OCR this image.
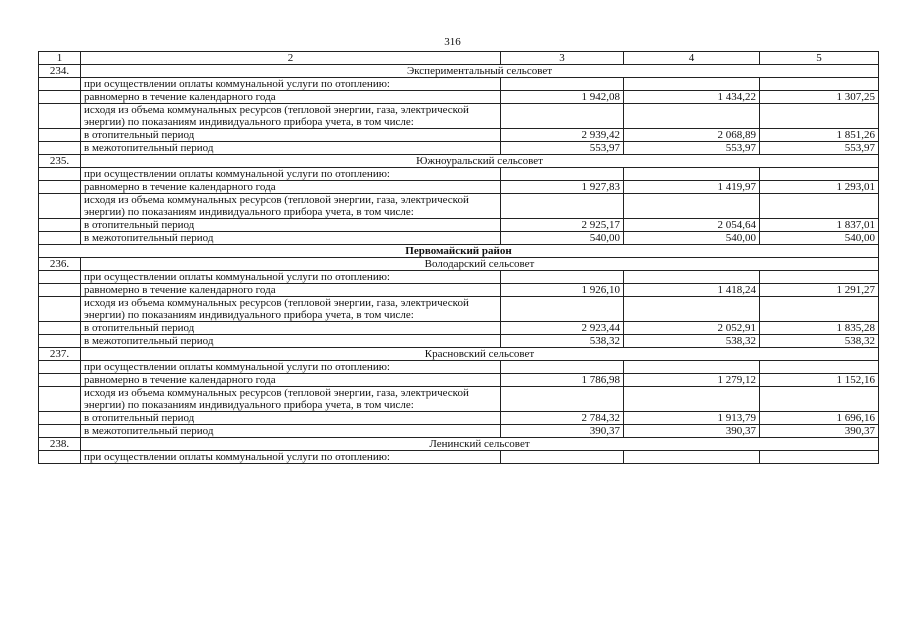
316
1	2	3	4	5
234.	Экспериментальный сельсовет			
	при осуществлении оплаты коммунальной услуги по отоплению:			
	равномерно в течение календарного года	1 942,08	1 434,22	1 307,25
	исходя из объема коммунальных ресурсов (тепловой энергии, газа, электрической энергии) по показаниям индивидуального прибора учета, в том числе:			
	в отопительный период	2 939,42	2 068,89	1 851,26
	в межотопительный период	553,97	553,97	553,97
235.	Южноуральский сельсовет			
	при осуществлении оплаты коммунальной услуги по отоплению:			
	равномерно в течение календарного года	1 927,83	1 419,97	1 293,01
	исходя из объема коммунальных ресурсов (тепловой энергии, газа, электрической энергии) по показаниям индивидуального прибора учета, в том числе:			
	в отопительный период	2 925,17	2 054,64	1 837,01
	в межотопительный период	540,00	540,00	540,00
Первомайский район				
236.	Володарский сельсовет			
	при осуществлении оплаты коммунальной услуги по отоплению:			
	равномерно в течение календарного года	1 926,10	1 418,24	1 291,27
	исходя из объема коммунальных ресурсов (тепловой энергии, газа, электрической энергии) по показаниям индивидуального прибора учета, в том числе:			
	в отопительный период	2 923,44	2 052,91	1 835,28
	в межотопительный период	538,32	538,32	538,32
237.	Красновский сельсовет			
	при осуществлении оплаты коммунальной услуги по отоплению:			
	равномерно в течение календарного года	1 786,98	1 279,12	1 152,16
	исходя из объема коммунальных ресурсов (тепловой энергии, газа, электрической энергии) по показаниям индивидуального прибора учета, в том числе:			
	в отопительный период	2 784,32	1 913,79	1 696,16
	в межотопительный период	390,37	390,37	390,37
238.	Ленинский сельсовет			
	при осуществлении оплаты коммунальной услуги по отоплению:			
